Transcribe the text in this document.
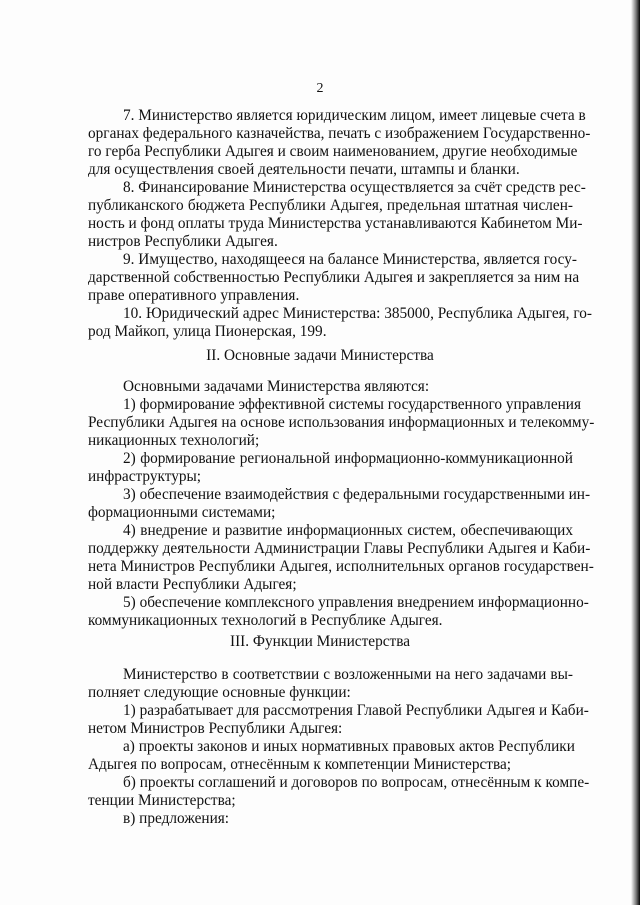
2
7. Министерство является юридическим лицом, имеет лицевые счета в
органах федерального казначейства, печать с изображением Государственно-
го герба Республики Адыгея и своим наименованием, другие необходимые
для осуществления своей деятельности печати, штампы и бланки.
8. Финансирование Министерства осуществляется за счёт средств рес-
публиканского бюджета Республики Адыгея, предельная штатная числен-
ность и фонд оплаты труда Министерства устанавливаются Кабинетом Ми-
нистров Республики Адыгея.
9. Имущество, находящееся на балансе Министерства, является госу-
дарственной собственностью Республики Адыгея и закрепляется за ним на
праве оперативного управления.
10. Юридический адрес Министерства: 385000, Республика Адыгея, го-
род Майкоп, улица Пионерская, 199.
II. Основные задачи Министерства
Основными задачами Министерства являются:
1) формирование эффективной системы государственного управления
Республики Адыгея на основе использования информационных и телекомму-
никационных технологий;
2) формирование региональной информационно-коммуникационной
инфраструктуры;
3) обеспечение взаимодействия с федеральными государственными ин-
формационными системами;
4) внедрение и развитие информационных систем, обеспечивающих
поддержку деятельности Администрации Главы Республики Адыгея и Каби-
нета Министров Республики Адыгея, исполнительных органов государствен-
ной власти Республики Адыгея;
5) обеспечение комплексного управления внедрением информационно-
коммуникационных технологий в Республике Адыгея.
III. Функции Министерства
Министерство в соответствии с возложенными на него задачами вы-
полняет следующие основные функции:
1) разрабатывает для рассмотрения Главой Республики Адыгея и Каби-
нетом Министров Республики Адыгея:
а) проекты законов и иных нормативных правовых актов Республики
Адыгея по вопросам, отнесённым к компетенции Министерства;
б) проекты соглашений и договоров по вопросам, отнесённым к компе-
тенции Министерства;
в) предложения:
